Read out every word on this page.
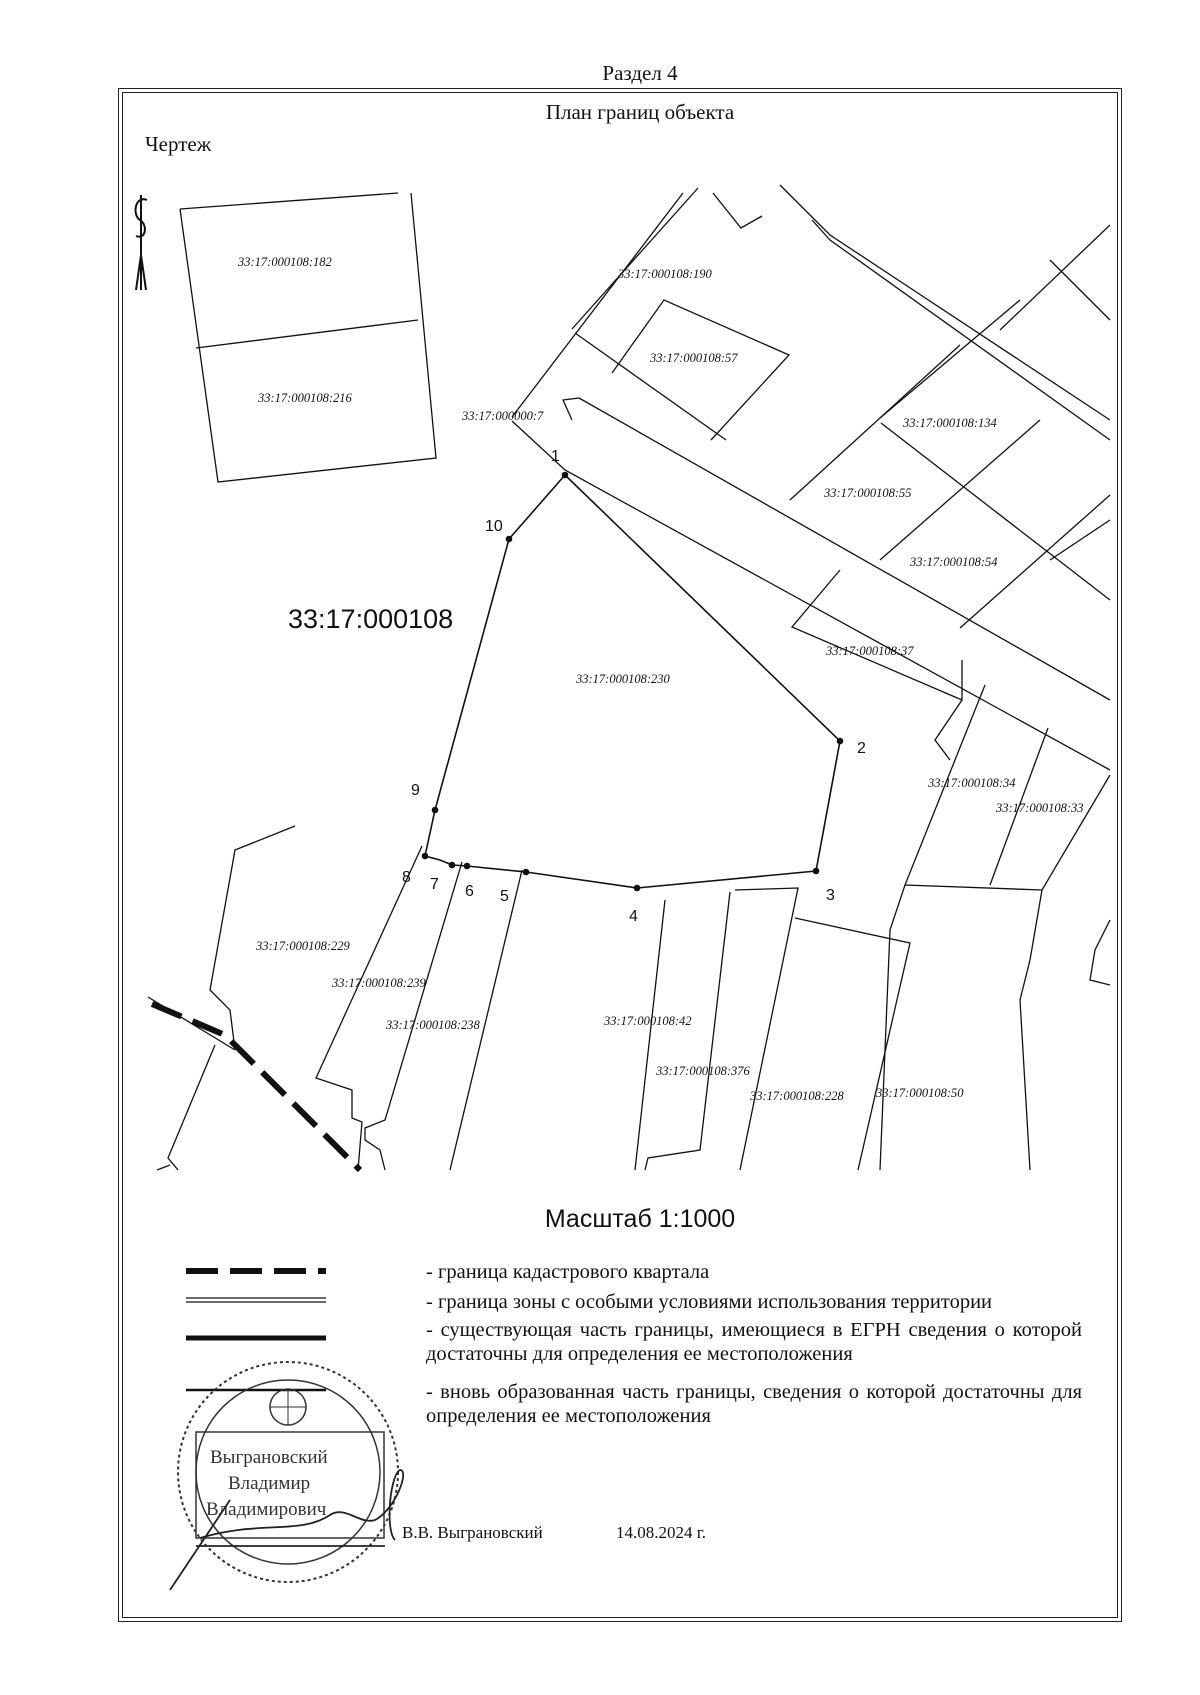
Раздел 4
План границ объекта
Чертеж
1
2
3
4
5
6
7
8
9
10
33:17:000108:182
33:17:000108:216
33:17:000108:190
33:17:000108:57
33:17:000000:7	33:17:000108:134
33:17:000108:55
33:17:000108:54
33:17:000108:37
33:17:000108:230
33:17:000108:34
33:17:000108:33
33:17:000108:229
33:17:000108:239
33:17:000108:238	33:17:000108:42
33:17:000108:376
33:17:000108:228	33:17:000108:50
33:17:000108
Выграновский
Владимир
Владимирович
Масштаб 1:1000
- граница кадастрового квартала
- граница зоны с особыми условиями использования территории
- существующая часть границы, имеющиеся в ЕГРН сведения о которой достаточны для определения ее местоположения
- вновь образованная часть границы, сведения о которой достаточны для определения ее местоположения
В.В. Выграновский	14.08.2024 г.
